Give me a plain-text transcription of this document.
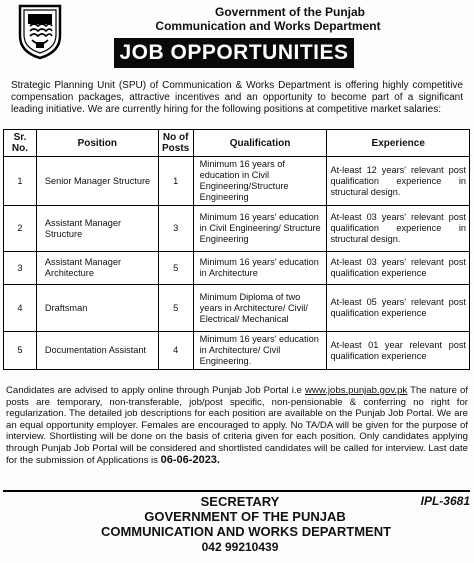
Government of the Punjab
Communication and Works Department
JOB OPPORTUNITIES

Strategic Planning Unit (SPU) of Communication & Works Department is offering highly competitive compensation packages, attractive incentives and an opportunity to become part of a significant leading initiative. We are currently hiring for the following positions at competitive market salaries:

Sr. No.	Position	No of Posts	Qualification	Experience
1	Senior Manager Structure	1	Minimum 16 years of education in Civil Engineering/Structure Engineering	At-least 12 years' relevant post qualification experience in structural design.
2	Assistant Manager Structure	3	Minimum 16 years' education in Civil Engineering/ Structure Engineering	At-least 03 years' relevant post qualification experience in structural design.
3	Assistant Manager Architecture	5	Minimum 16 years' education in Architecture	At-least 03 years' relevant post qualification experience
4	Draftsman	5	Minimum Diploma of two years in Architecture/ Civil/ Electrical/ Mechanical	At-least 05 years' relevant post qualification experience
5	Documentation Assistant	4	Minimum 16 years' education in Architecture/ Civil Engineering.	At-least 01 year relevant post qualification experience

Candidates are advised to apply online through Punjab Job Portal i.e www.jobs.punjab.gov.pk The nature of posts are temporary, non-transferable, job/post specific, non-pensionable & conferring no right for regularization. The detailed job descriptions for each position are available on the Punjab Job Portal. We are an equal opportunity employer. Females are encouraged to apply. No TA/DA will be given for the purpose of interview. Shortlisting will be done on the basis of criteria given for each position. Only candidates applying through Punjab Job Portal will be considered and shortlisted candidates will be called for interview. Last date for the submission of Applications is 06-06-2023.

SECRETARY	IPL-3681
GOVERNMENT OF THE PUNJAB
COMMUNICATION AND WORKS DEPARTMENT
042 99210439
